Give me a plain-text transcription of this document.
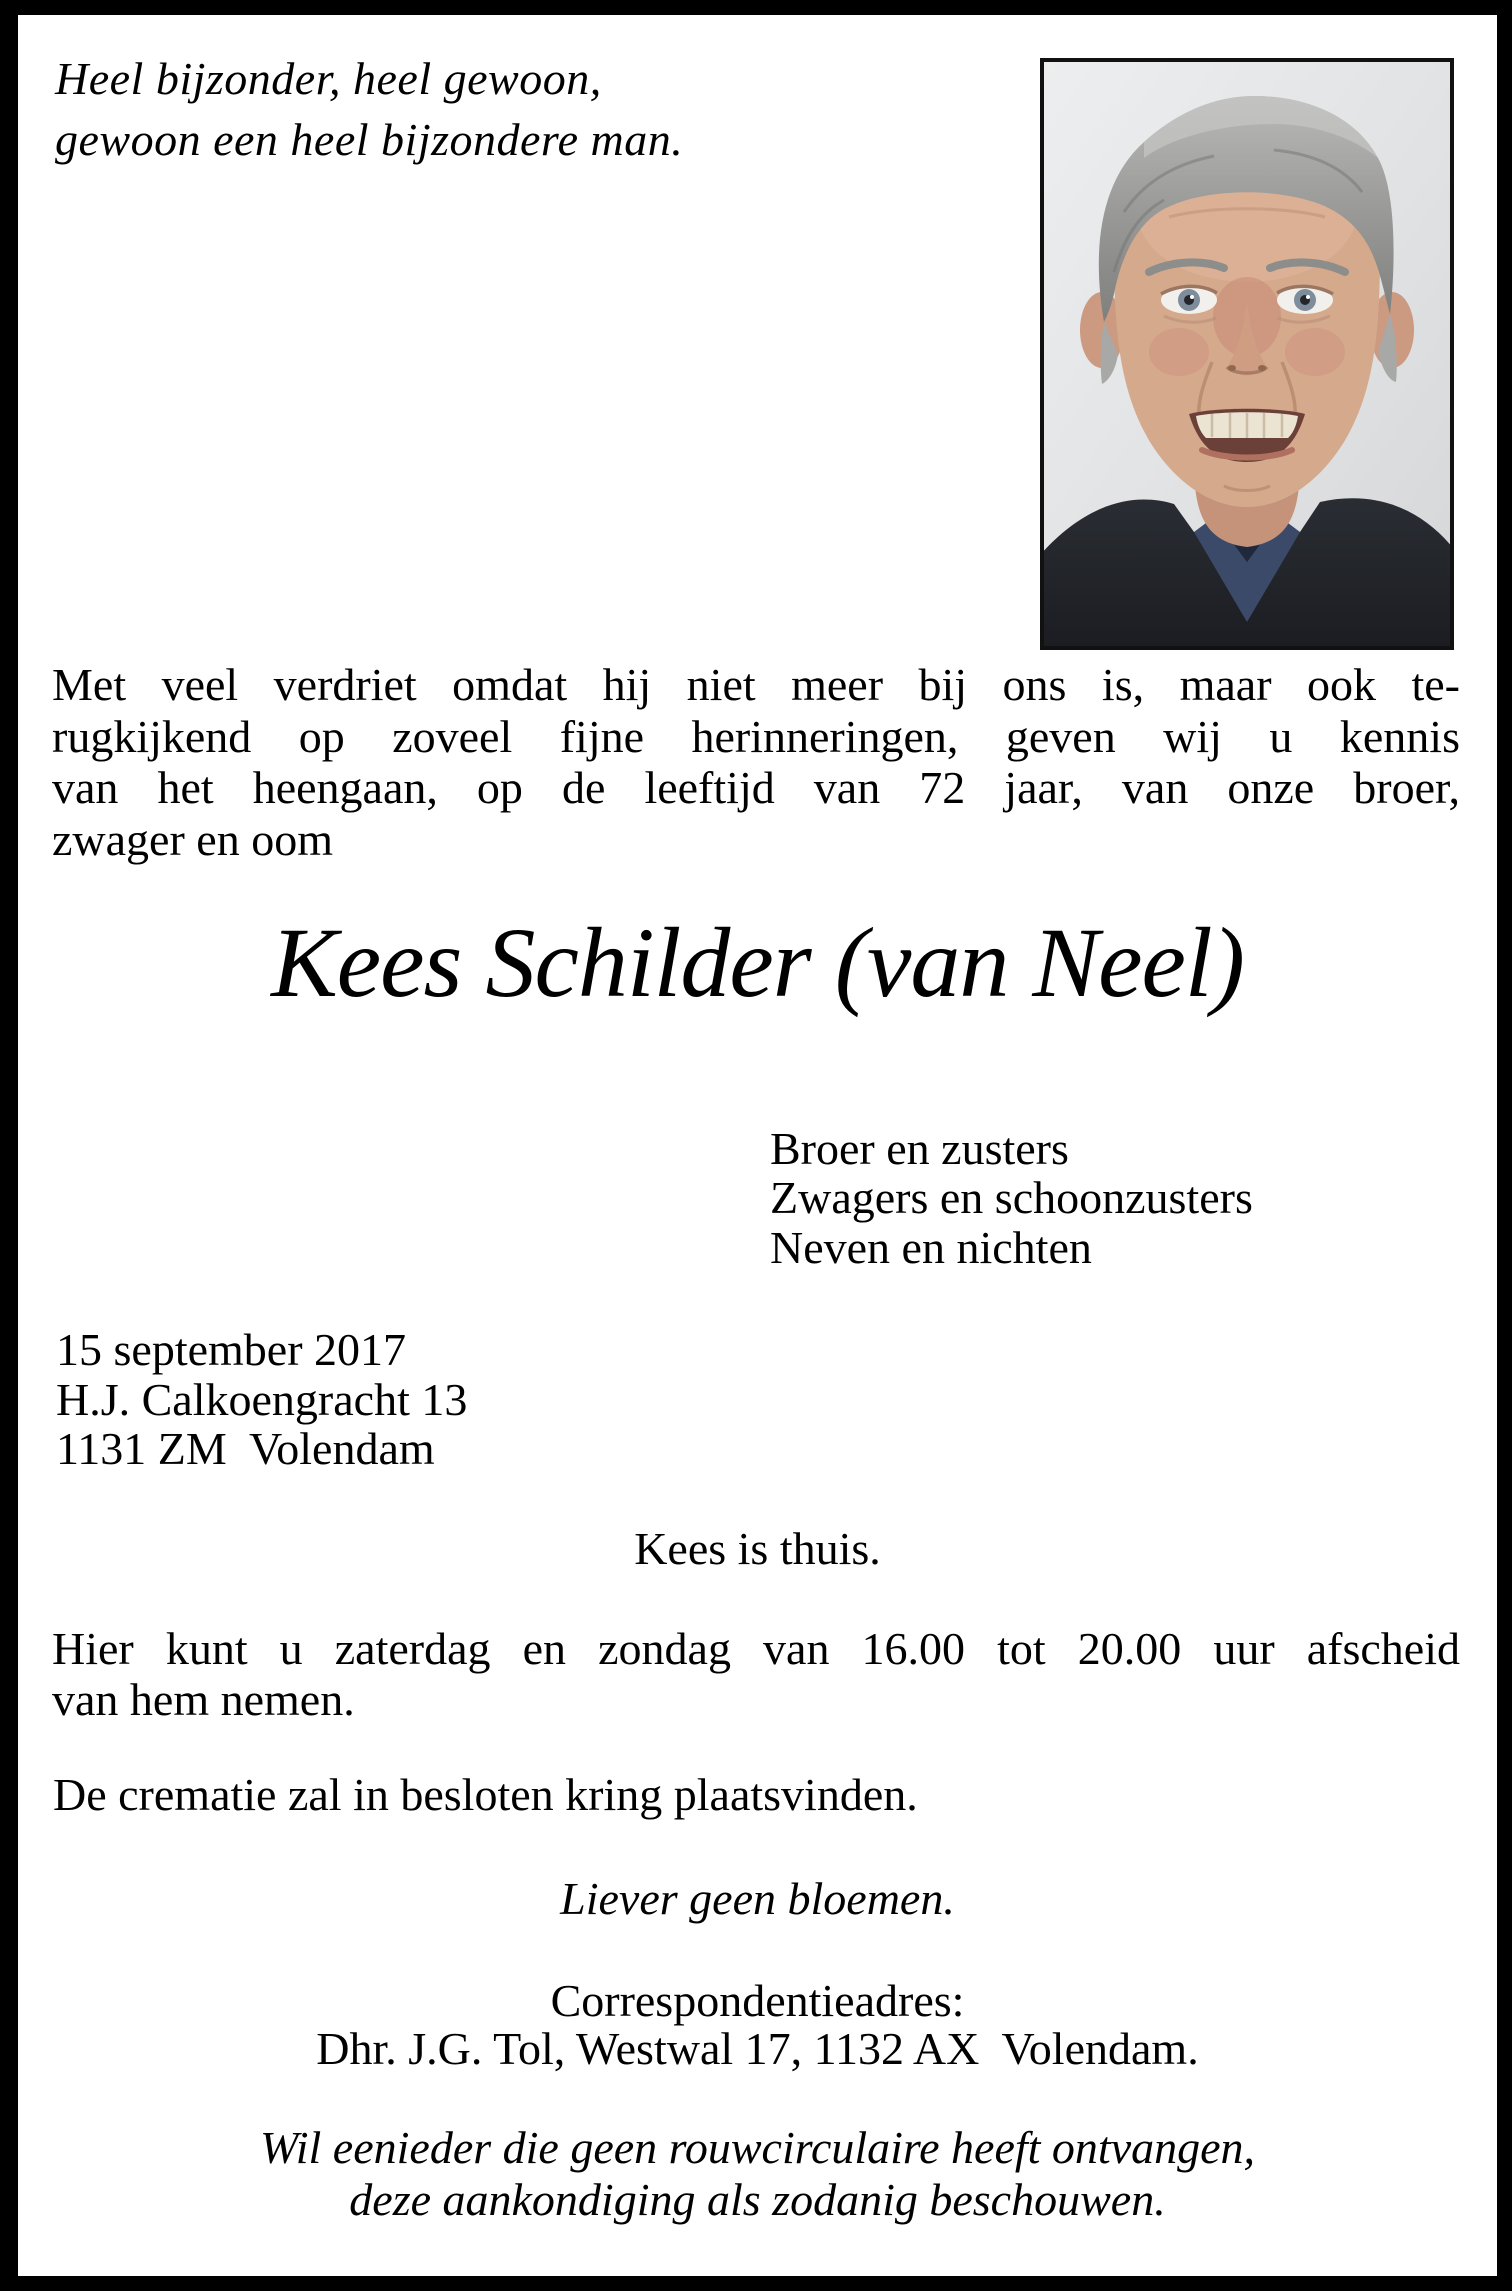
Heel bijzonder, heel gewoon,
gewoon een heel bijzondere man.
Met veel verdriet omdat hij niet meer bij ons is, maar ook te-
rugkijkend op zoveel fijne herinneringen, geven wij u kennis
van het heengaan, op de leeftijd van 72 jaar, van onze broer,
zwager en oom
Kees Schilder (van Neel)
Broer en zusters
Zwagers en schoonzusters
Neven en nichten
15 september 2017
H.J. Calkoengracht 13
1131 ZM  Volendam
Kees is thuis.
Hier kunt u zaterdag en zondag van 16.00 tot 20.00 uur afscheid
van hem nemen.
De crematie zal in besloten kring plaatsvinden.
Liever geen bloemen.
Correspondentieadres:
Dhr. J.G. Tol, Westwal 17, 1132 AX  Volendam.
Wil eenieder die geen rouwcirculaire heeft ontvangen,
deze aankondiging als zodanig beschouwen.
